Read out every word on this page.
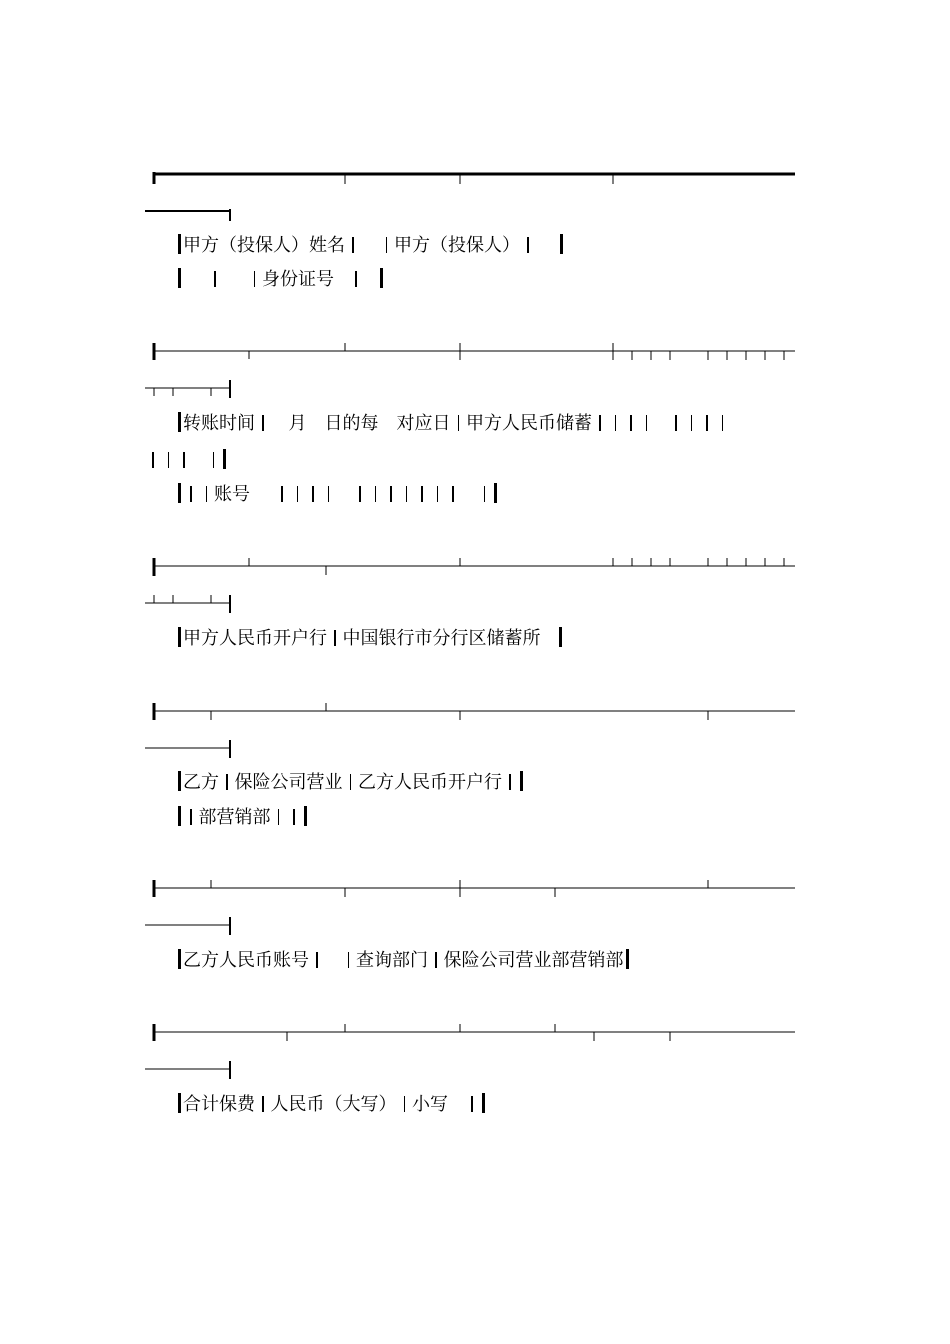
甲方（投保人）姓名	甲方（投保人）
身份证号
转账时间 月 日的每 对应日 甲方人民币储蓄
账号
甲方人民币开户行 中国银行市分行区储蓄所
乙方 保险公司营业 乙方人民币开户行
部营销部
乙方人民币账号	查询部门 保险公司营业部营销部
合计保费 人民币（大写） 小写
